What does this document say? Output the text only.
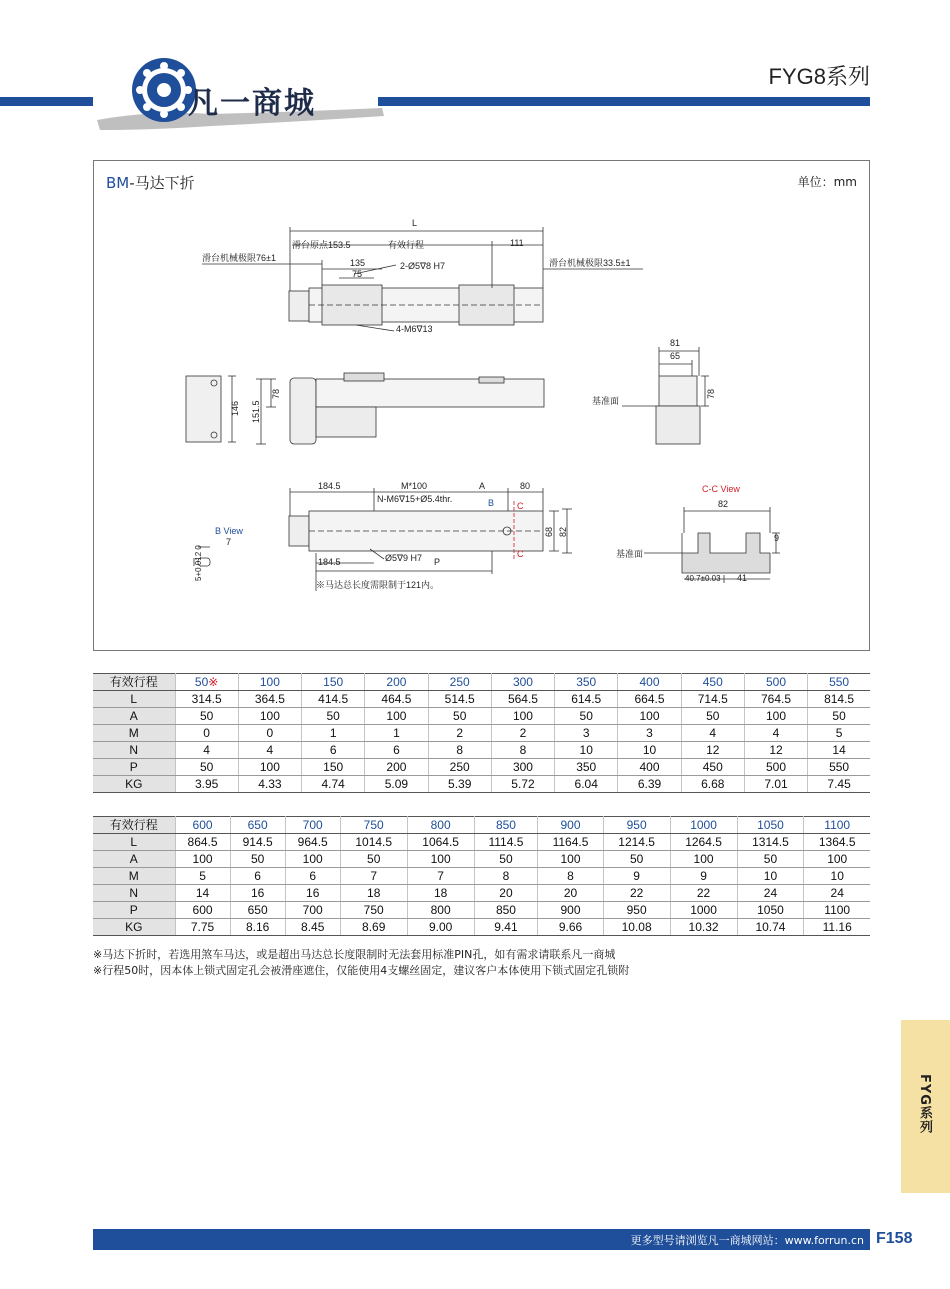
凡一商城
FYG8系列
BM-马达下折	单位：mm
L
滑台原点153.5	有效行程	111
滑台机械极限76±1	滑台机械极限33.5±1
135
75
2-Ø5∇8 H7
4-M6∇13
78
146 151.5
81
65
78
基准面
184.5	M*100	A	80
N-M6∇15+Ø5.4thr.	B	C
C
68 82
184.5	Ø5∇9 H7 P
※马达总长度需限制于121内。
B View
7
5+0.012 0
C-C View
82
9
基准面
40.7±0.03 41
有效行程	50※	100	150	200	250	300	350	400	450	500	550
L	314.5	364.5	414.5	464.5	514.5	564.5	614.5	664.5	714.5	764.5	814.5
A	50	100	50	100	50	100	50	100	50	100	50
M	0	0	1	1	2	2	3	3	4	4	5
N	4	4	6	6	8	8	10	10	12	12	14
P	50	100	150	200	250	300	350	400	450	500	550
KG	3.95	4.33	4.74	5.09	5.39	5.72	6.04	6.39	6.68	7.01	7.45
有效行程	600	650	700	750	800	850	900	950	1000	1050	1100
L	864.5	914.5	964.5	1014.5	1064.5	1114.5	1164.5	1214.5	1264.5	1314.5	1364.5
A	100	50	100	50	100	50	100	50	100	50	100
M	5	6	6	7	7	8	8	9	9	10	10
N	14	16	16	18	18	20	20	22	22	24	24
P	600	650	700	750	800	850	900	950	1000	1050	1100
KG	7.75	8.16	8.45	8.69	9.00	9.41	9.66	10.08	10.32	10.74	11.16
※马达下折时，若选用煞车马达，或是超出马达总长度限制时无法套用标准PIN孔，如有需求请联系凡一商城
※行程50时，因本体上锁式固定孔会被滑座遮住，仅能使用4支螺丝固定，建议客户本体使用下锁式固定孔锁附
FYG系列
更多型号请浏览凡一商城网站：www.forrun.cn F158
